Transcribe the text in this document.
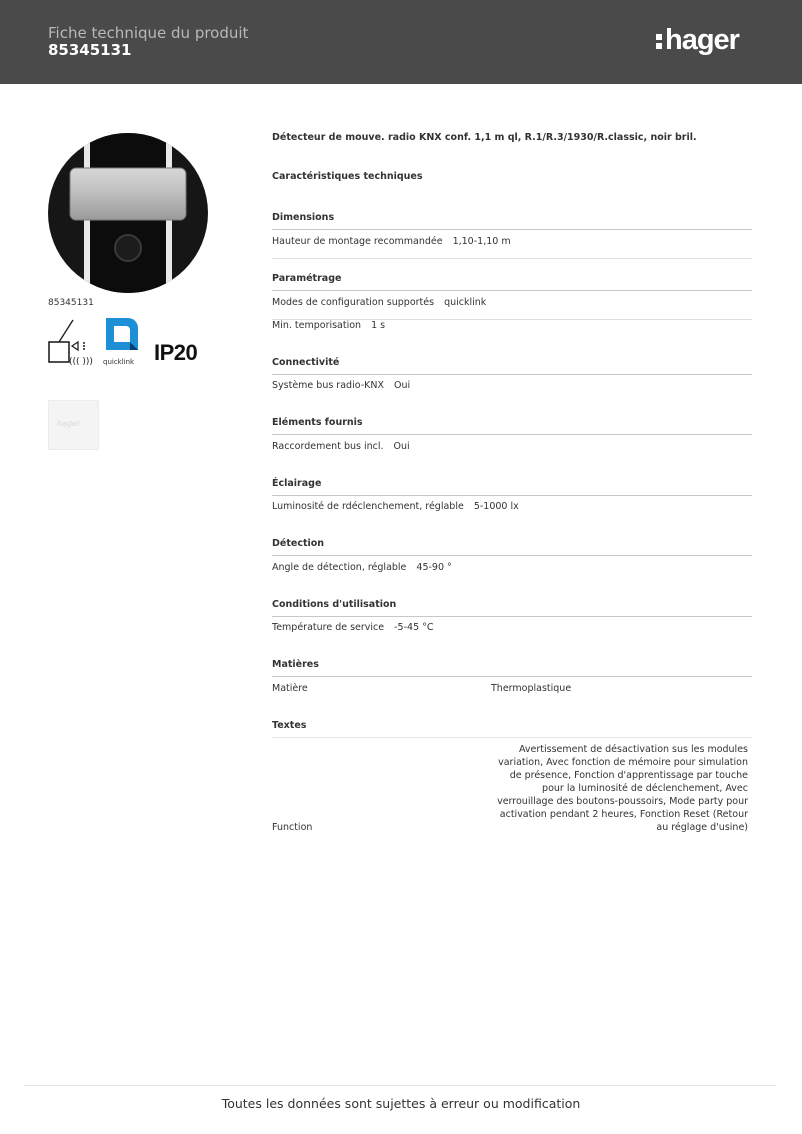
Fiche technique du produit
85345131	hager
85345131
((( ))) quicklink IP20
hager
Détecteur de mouve. radio KNX conf. 1,1 m ql, R.1/R.3/1930/R.classic, noir bril.
Caractéristiques techniques
Dimensions
Hauteur de montage recommandée 1,10-1,10 m
Paramétrage
Modes de configuration supportés quicklink
Min. temporisation 1 s
Connectivité
Système bus radio-KNX Oui
Eléments fournis
Raccordement bus incl. Oui
Éclairage
Luminosité de rdéclenchement, réglable 5-1000 lx
Détection
Angle de détection, réglable 45-90 °
Conditions d'utilisation
Température de service -5-45 °C
Matières
Matière	Thermoplastique
Textes
Function
Avertissement de désactivation sus les modules variation, Avec fonction de mémoire pour simulation de présence, Fonction d'apprentissage par touche pour la luminosité de déclenchement, Avec verrouillage des boutons-poussoirs, Mode party pour activation pendant 2 heures, Fonction Reset (Retour au réglage d'usine)
Toutes les données sont sujettes à erreur ou modification
